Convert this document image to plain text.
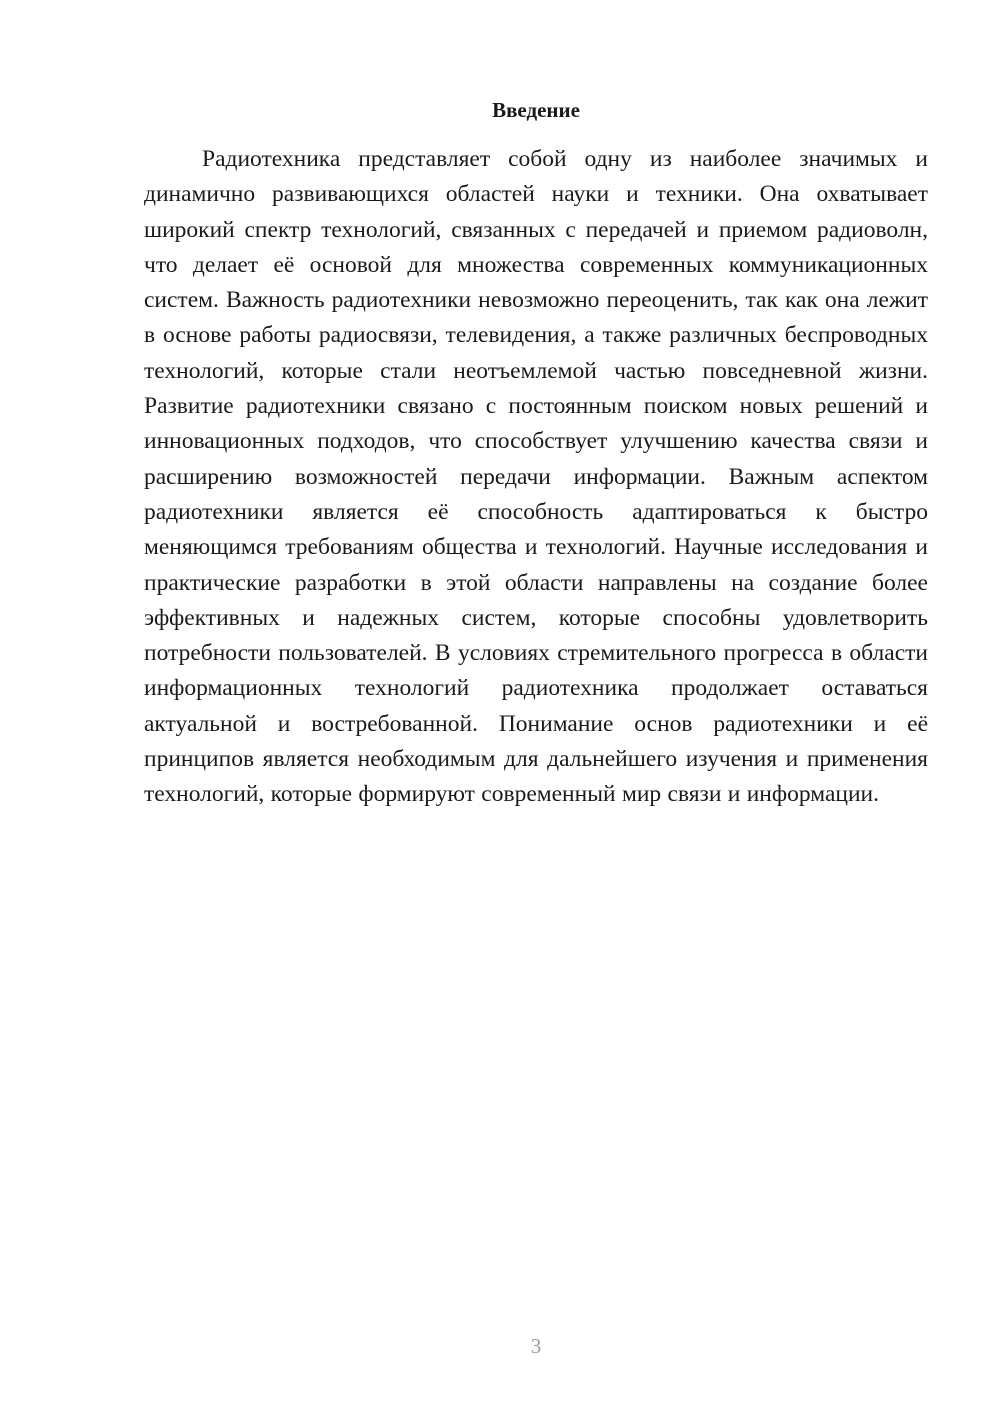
Введение

Радиотехника представляет собой одну из наиболее значимых и динамично развивающихся областей науки и техники. Она охватывает широкий спектр технологий, связанных с передачей и приемом радиоволн, что делает её основой для множества современных коммуникационных систем. Важность радиотехники невозможно переоценить, так как она лежит в основе работы радиосвязи, телевидения, а также различных беспроводных технологий, которые стали неотъемлемой частью повседневной жизни. Развитие радиотехники связано с постоянным поиском новых решений и инновационных подходов, что способствует улучшению качества связи и расширению возможностей передачи информации. Важным аспектом радиотехники является её способность адаптироваться к быстро меняющимся требованиям общества и технологий. Научные исследования и практические разработки в этой области направлены на создание более эффективных и надежных систем, которые способны удовлетворить потребности пользователей. В условиях стремительного прогресса в области информационных технологий радиотехника продолжает оставаться актуальной и востребованной. Понимание основ радиотехники и её принципов является необходимым для дальнейшего изучения и применения технологий, которые формируют современный мир связи и информации.

3
